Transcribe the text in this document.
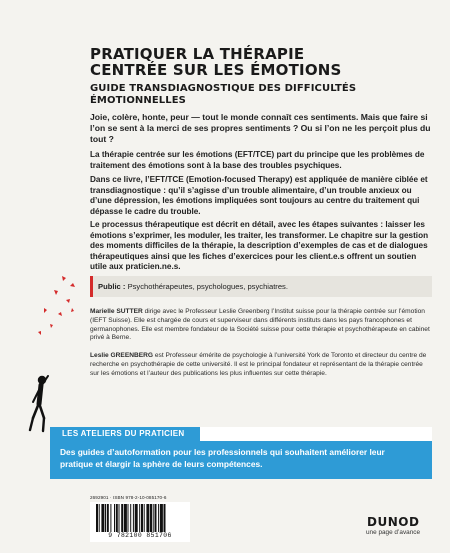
PRATIQUER LA THÉRAPIE
CENTRÉE SUR LES ÉMOTIONS
GUIDE TRANSDIAGNOSTIQUE DES DIFFICULTÉS ÉMOTIONNELLES
Joie, colère, honte, peur — tout le monde connaît ces sentiments. Mais que faire si l’on se sent à la merci de ses propres sentiments ? Ou si l’on ne les perçoit plus du tout ?
La thérapie centrée sur les émotions (EFT/TCE) part du principe que les problèmes de traitement des émotions sont à la base des troubles psychiques.
Dans ce livre, l’EFT/TCE (Emotion-focused Therapy) est appliquée de manière ciblée et transdiagnostique : qu’il s’agisse d’un trouble alimentaire, d’un trouble anxieux ou d’une dépression, les émotions impliquées sont toujours au centre du traitement qui dépasse le cadre du trouble.
Le processus thérapeutique est décrit en détail, avec les étapes suivantes : laisser les émotions s’exprimer, les moduler, les traiter, les transformer. Le chapitre sur la gestion des moments difficiles de la thérapie, la description d’exemples de cas et de dialogues thérapeutiques ainsi que les fiches d’exercices pour les client.e.s offrent un soutien utile aux praticien.ne.s.
Public : Psychothérapeutes, psychologues, psychiatres.
Marielle SUTTER dirige avec le Professeur Leslie Greenberg l’Institut suisse pour la thérapie centrée sur l’émotion (IEFT Suisse). Elle est chargée de cours et superviseur dans différents instituts dans les pays francophones et germanophones. Elle est membre fondateur de la Société suisse pour cette thérapie et psychothérapeute en cabinet privé à Berne.
Leslie GREENBERG est Professeur émérite de psychologie à l’université York de Toronto et directeur du centre de recherche en psychothérapie de cette université. Il est le principal fondateur et représentant de la thérapie centrée sur les émotions et l’auteur des publications les plus influentes sur cette thérapie.
LES ATELIERS DU PRATICIEN
Des guides d’autoformation pour les professionnels qui souhaitent améliorer leur pratique et élargir la sphère de leurs compétences.
2692901 · ISBN 978-2-10-085170-6
9 782100 851706
DUNOD
une page d’avance
